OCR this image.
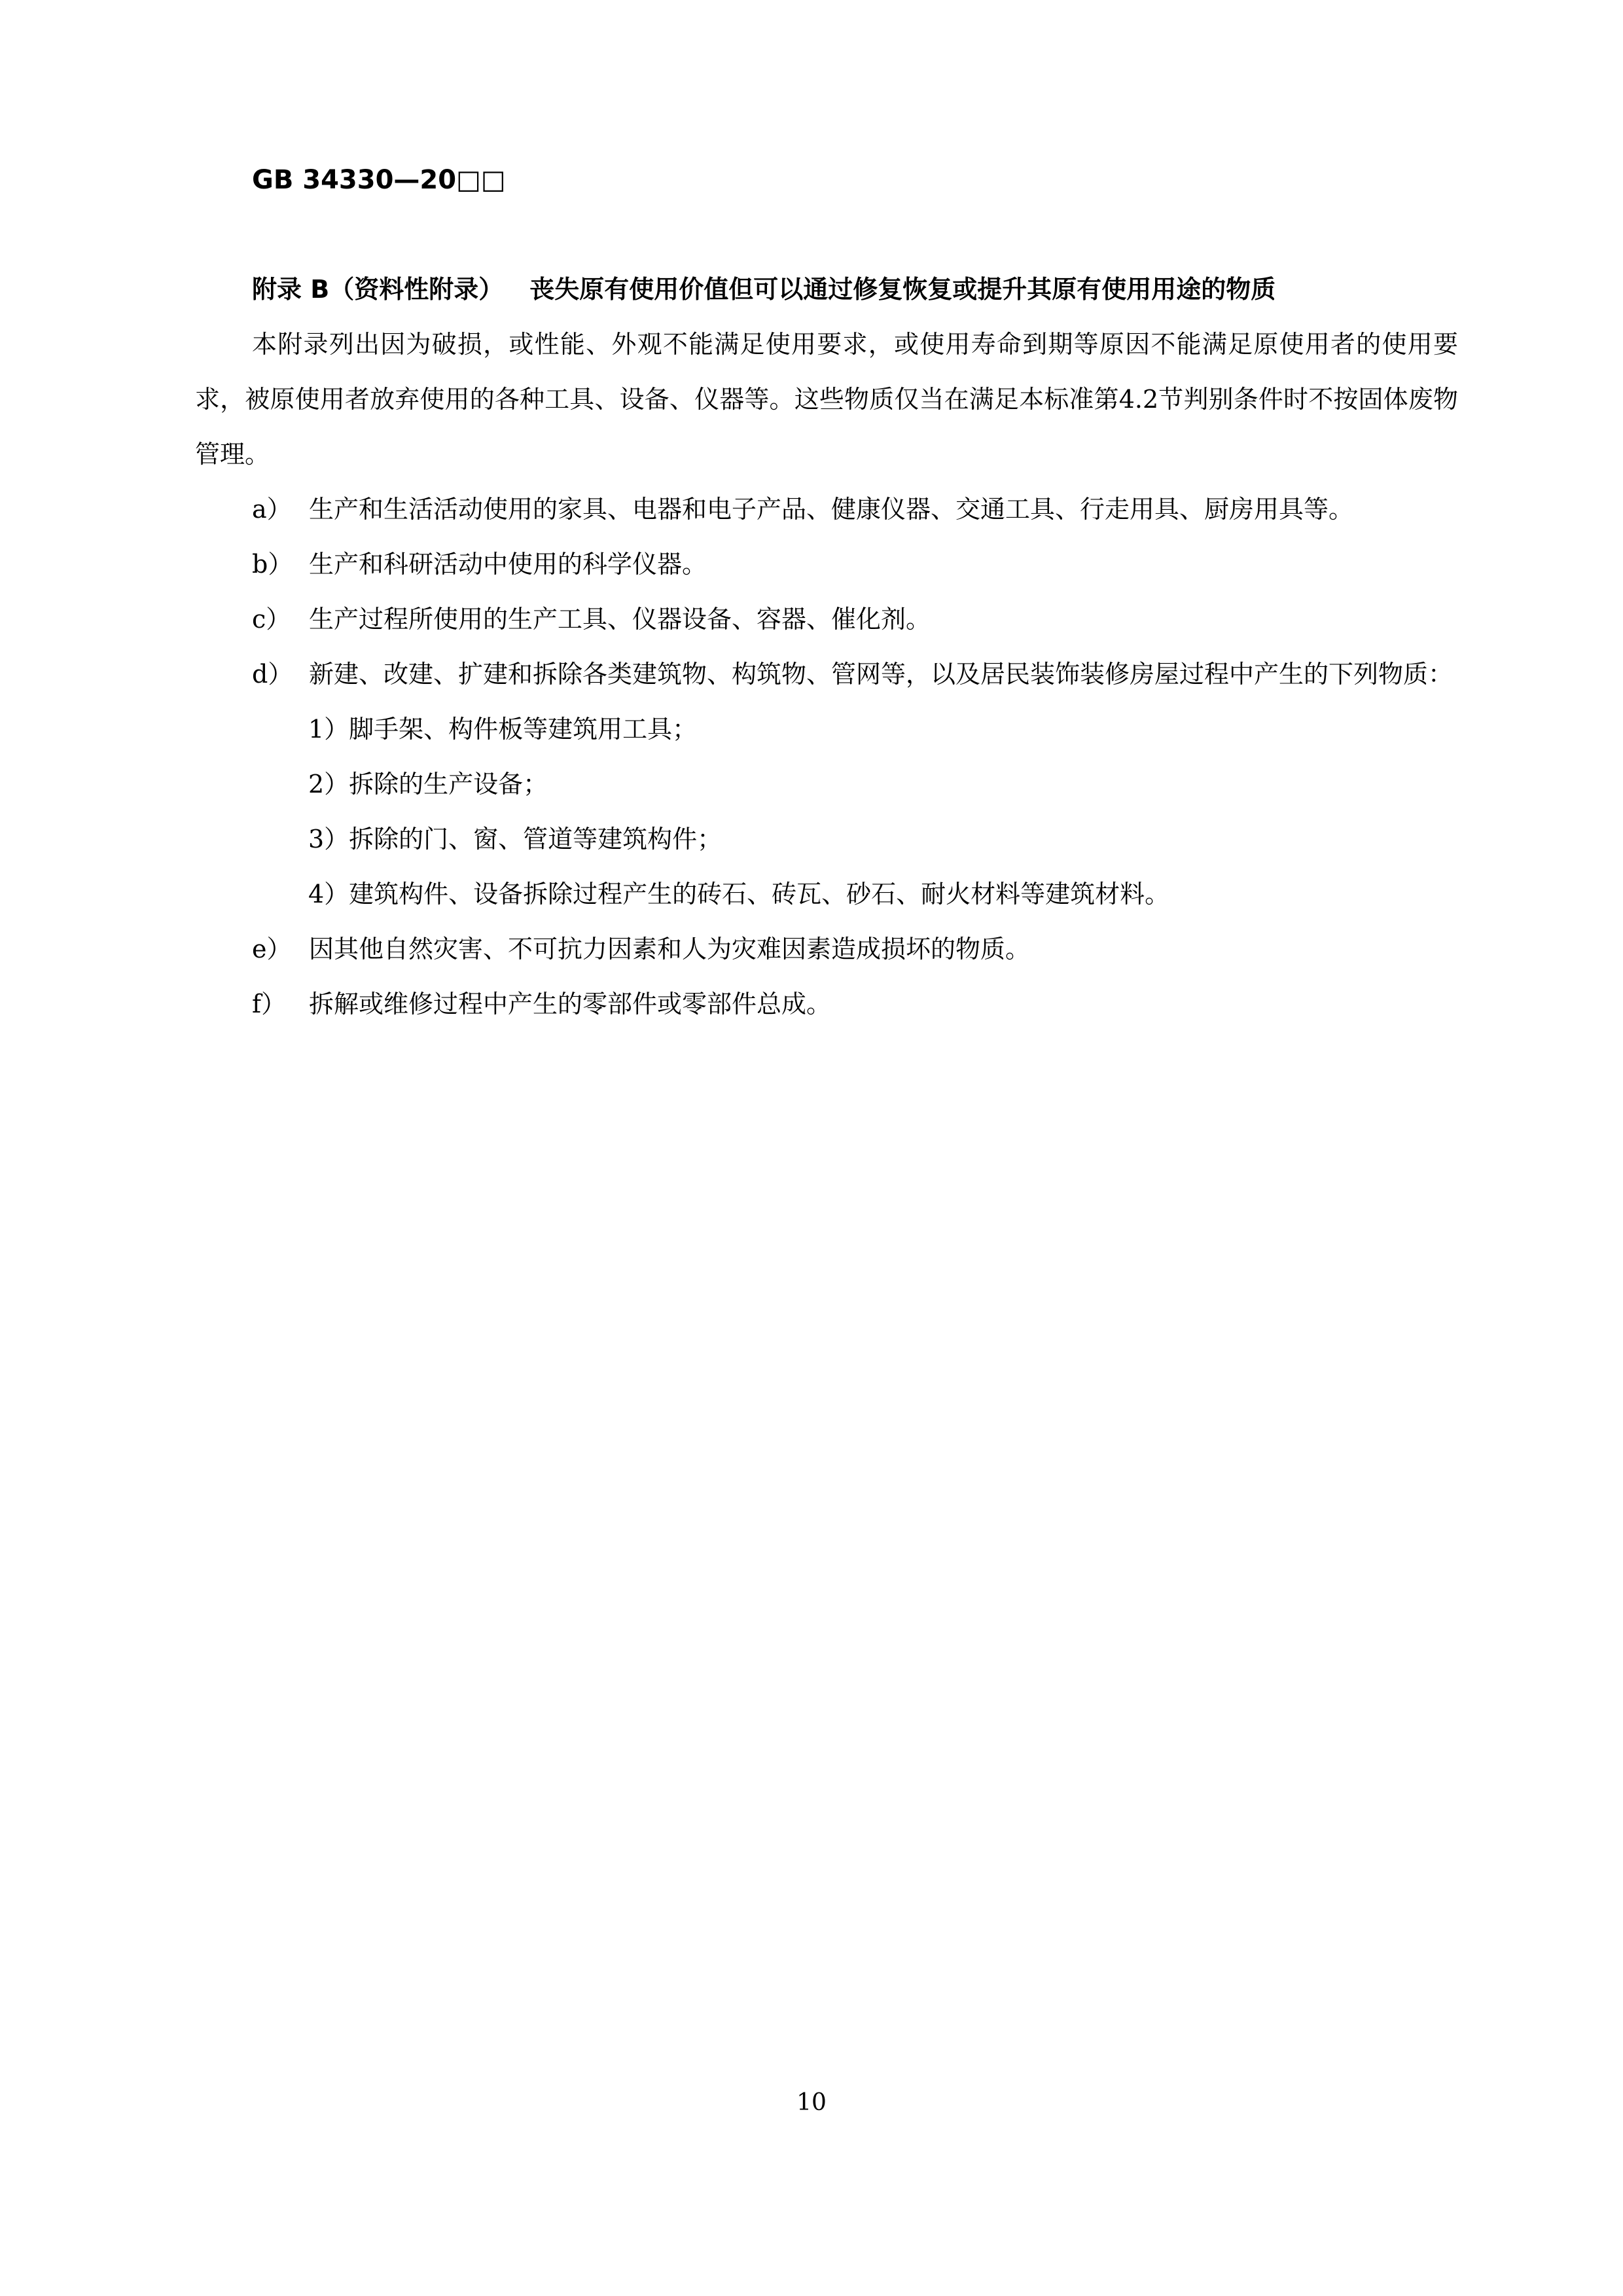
GB 34330—20□□
附录 B（资料性附录） 丧失原有使用价值但可以通过修复恢复或提升其原有使用用途的物质

本附录列出因为破损，或性能、外观不能满足使用要求，或使用寿命到期等原因不能满足原使用者的使用要求，被原使用者放弃使用的各种工具、设备、仪器等。这些物质仅当在满足本标准第4.2节判别条件时不按固体废物管理。

a） 生产和生活活动使用的家具、电器和电子产品、健康仪器、交通工具、行走用具、厨房用具等。
b） 生产和科研活动中使用的科学仪器。
c） 生产过程所使用的生产工具、仪器设备、容器、催化剂。

d） 新建、改建、扩建和拆除各类建筑物、构筑物、管网等，以及居民装饰装修房屋过程中产生的下列物质：

1）脚手架、构件板等建筑用工具；
2）拆除的生产设备；
3）拆除的门、窗、管道等建筑构件；
4）建筑构件、设备拆除过程产生的砖石、砖瓦、砂石、耐火材料等建筑材料。
e） 因其他自然灾害、不可抗力因素和人为灾难因素造成损坏的物质。
f） 拆解或维修过程中产生的零部件或零部件总成。
10
